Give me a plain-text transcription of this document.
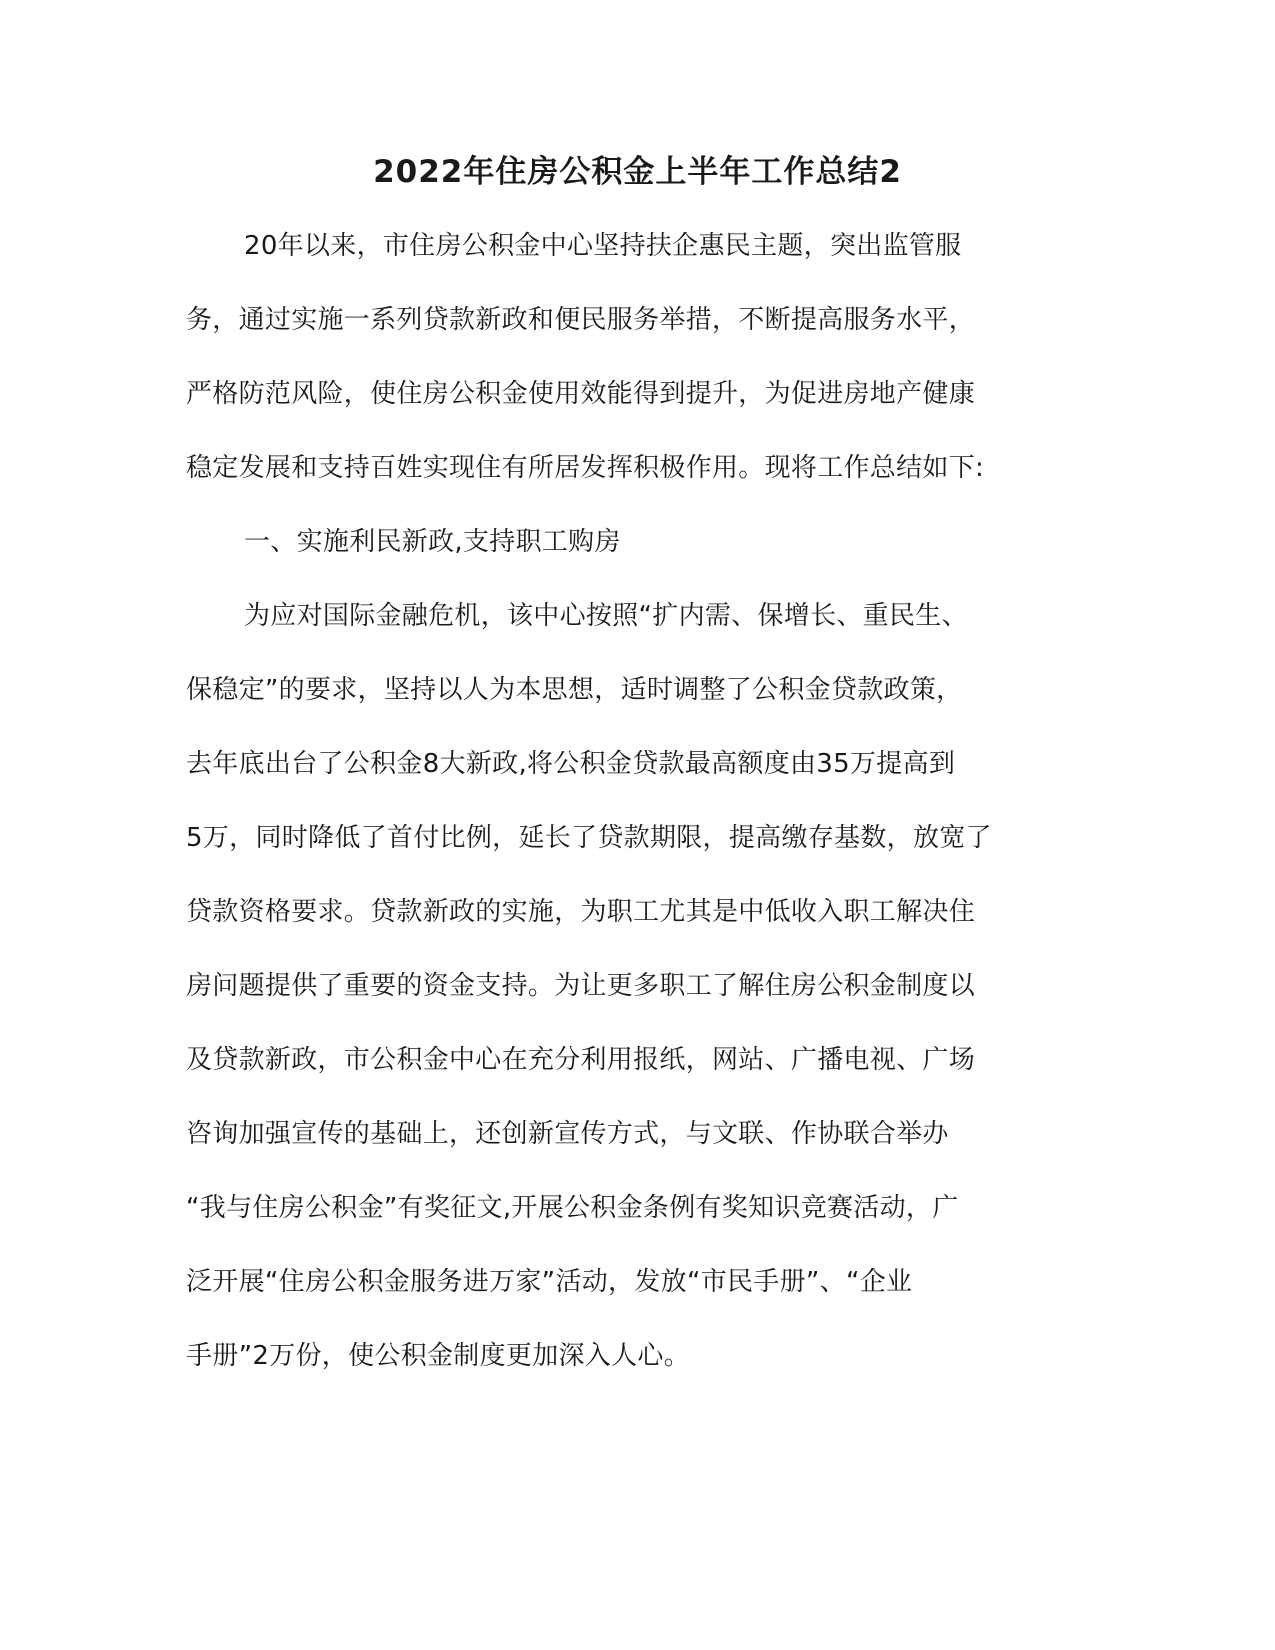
2022年住房公积金上半年工作总结2

20年以来，市住房公积金中心坚持扶企惠民主题，突出监管服

务，通过实施一系列贷款新政和便民服务举措，不断提高服务水平，

严格防范风险，使住房公积金使用效能得到提升，为促进房地产健康

稳定发展和支持百姓实现住有所居发挥积极作用。现将工作总结如下:

一、实施利民新政,支持职工购房

为应对国际金融危机，该中心按照“扩内需、保增长、重民生、

保稳定”的要求，坚持以人为本思想，适时调整了公积金贷款政策，

去年底出台了公积金8大新政,将公积金贷款最高额度由35万提高到

5万，同时降低了首付比例，延长了贷款期限，提高缴存基数，放宽了

贷款资格要求。贷款新政的实施，为职工尤其是中低收入职工解决住

房问题提供了重要的资金支持。为让更多职工了解住房公积金制度以

及贷款新政，市公积金中心在充分利用报纸，网站、广播电视、广场

咨询加强宣传的基础上，还创新宣传方式，与文联、作协联合举办

“我与住房公积金”有奖征文,开展公积金条例有奖知识竞赛活动，广

泛开展“住房公积金服务进万家”活动，发放“市民手册”、“企业

手册”2万份，使公积金制度更加深入人心。
